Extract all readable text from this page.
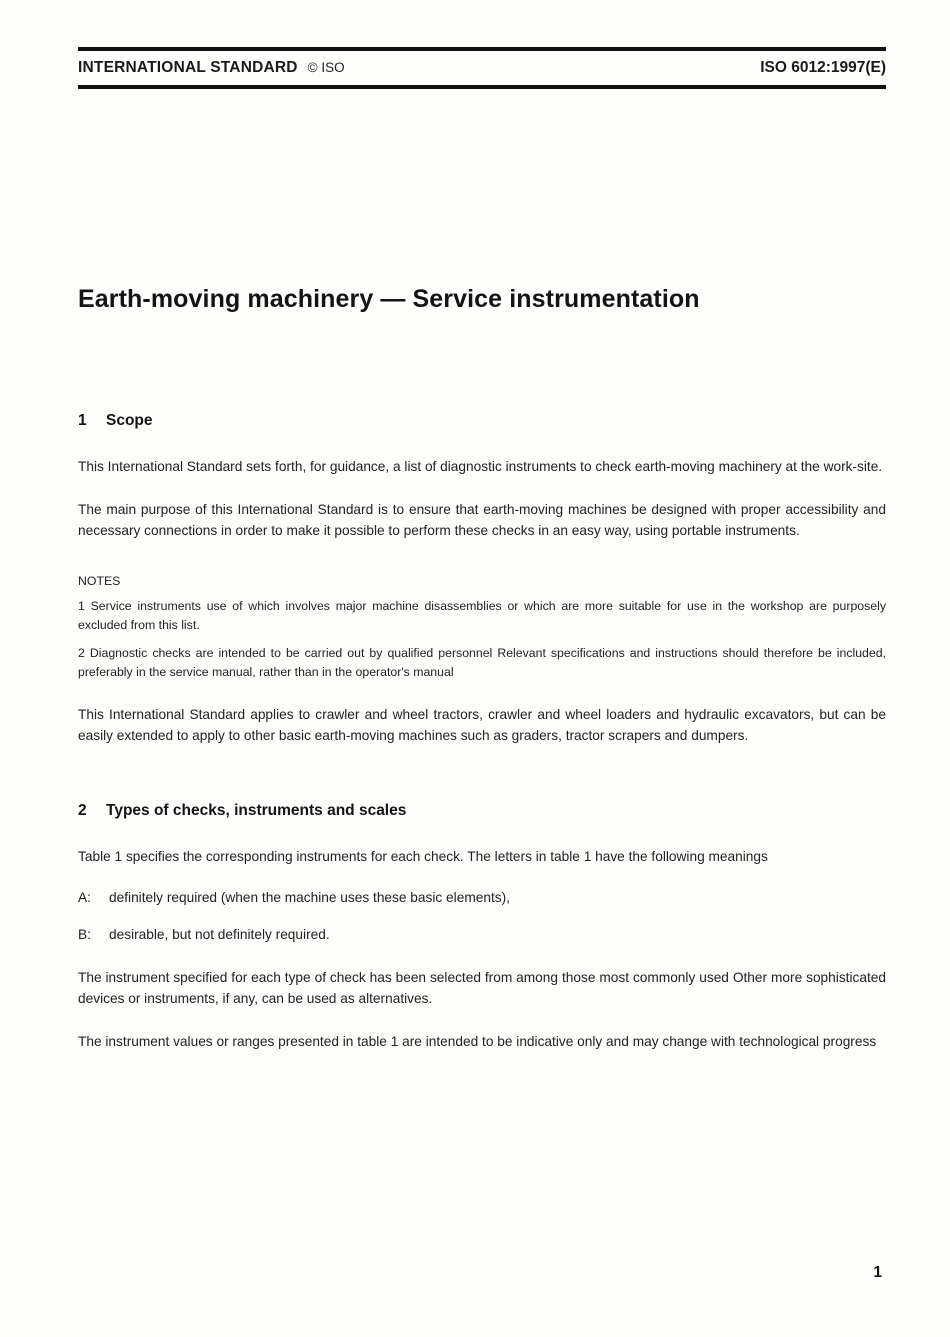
INTERNATIONAL STANDARD © ISO	ISO 6012:1997(E)
Earth-moving machinery — Service instrumentation
1	Scope

This International Standard sets forth, for guidance, a list of diagnostic instruments to check earth-moving machinery at the work-site.

The main purpose of this International Standard is to ensure that earth-moving machines be designed with proper accessibility and necessary connections in order to make it possible to perform these checks in an easy way, using portable instruments.

NOTES

1 Service instruments use of which involves major machine disassemblies or which are more suitable for use in the workshop are purposely excluded from this list.

2 Diagnostic checks are intended to be carried out by qualified personnel Relevant specifications and instructions should therefore be included, preferably in the service manual, rather than in the operator's manual

This International Standard applies to crawler and wheel tractors, crawler and wheel loaders and hydraulic excavators, but can be easily extended to apply to other basic earth-moving machines such as graders, tractor scrapers and dumpers.

2	Types of checks, instruments and scales

Table 1 specifies the corresponding instruments for each check. The letters in table 1 have the following meanings

A:	definitely required (when the machine uses these basic elements),
B:	desirable, but not definitely required.

The instrument specified for each type of check has been selected from among those most commonly used Other more sophisticated devices or instruments, if any, can be used as alternatives.

The instrument values or ranges presented in table 1 are intended to be indicative only and may change with technological progress

1
